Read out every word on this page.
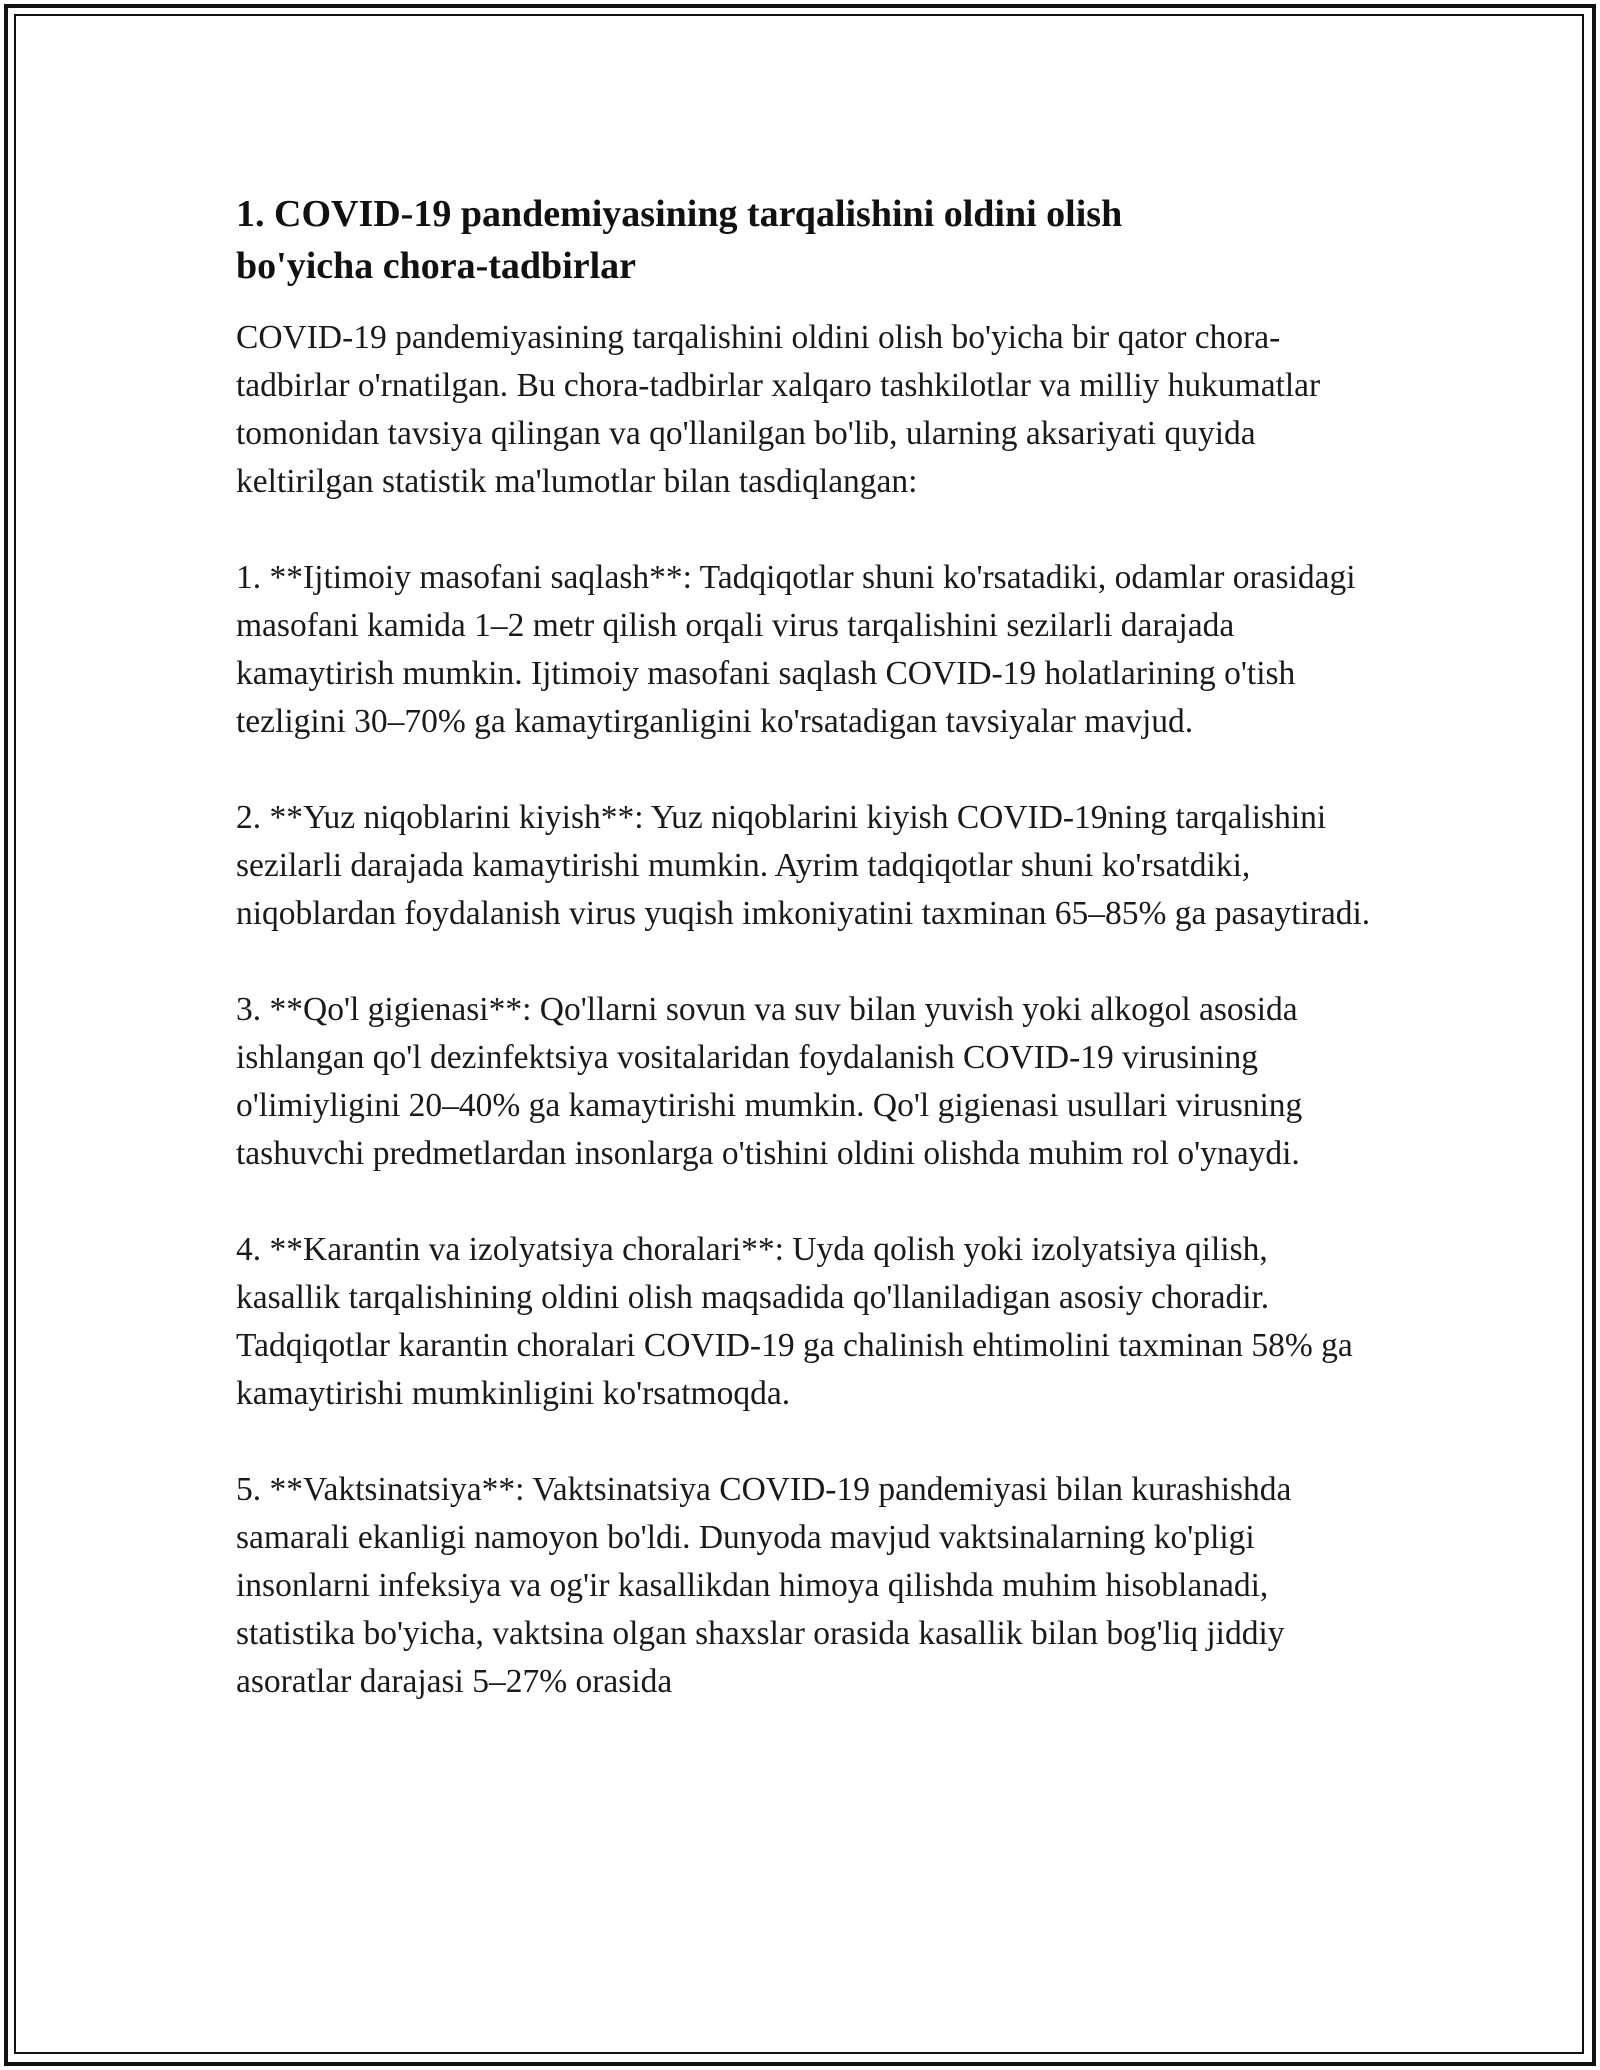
1. COVID-19 pandemiyasining tarqalishini oldini olish
bo'yicha chora-tadbirlar

COVID-19 pandemiyasining tarqalishini oldini olish bo'yicha bir qator chora-tadbirlar o'rnatilgan. Bu chora-tadbirlar xalqaro tashkilotlar va milliy hukumatlar tomonidan tavsiya qilingan va qo'llanilgan bo'lib, ularning aksariyati quyida keltirilgan statistik ma'lumotlar bilan tasdiqlangan:

1. **Ijtimoiy masofani saqlash**: Tadqiqotlar shuni ko'rsatadiki, odamlar orasidagi masofani kamida 1–2 metr qilish orqali virus tarqalishini sezilarli darajada kamaytirish mumkin. Ijtimoiy masofani saqlash COVID-19 holatlarining o'tish tezligini 30–70% ga kamaytirganligini ko'rsatadigan tavsiyalar mavjud.

2. **Yuz niqoblarini kiyish**: Yuz niqoblarini kiyish COVID-19ning tarqalishini sezilarli darajada kamaytirishi mumkin. Ayrim tadqiqotlar shuni ko'rsatdiki, niqoblardan foydalanish virus yuqish imkoniyatini taxminan 65–85% ga pasaytiradi.

3. **Qo'l gigienasi**: Qo'llarni sovun va suv bilan yuvish yoki alkogol asosida ishlangan qo'l dezinfektsiya vositalaridan foydalanish COVID-19 virusining o'limiyligini 20–40% ga kamaytirishi mumkin. Qo'l gigienasi usullari virusning tashuvchi predmetlardan insonlarga o'tishini oldini olishda muhim rol o'ynaydi.

4. **Karantin va izolyatsiya choralari**: Uyda qolish yoki izolyatsiya qilish, kasallik tarqalishining oldini olish maqsadida qo'llaniladigan asosiy choradir. Tadqiqotlar karantin choralari COVID-19 ga chalinish ehtimolini taxminan 58% ga kamaytirishi mumkinligini ko'rsatmoqda.

5. **Vaktsinatsiya**: Vaktsinatsiya COVID-19 pandemiyasi bilan kurashishda samarali ekanligi namoyon bo'ldi. Dunyoda mavjud vaktsinalarning ko'pligi insonlarni infeksiya va og'ir kasallikdan himoya qilishda muhim hisoblanadi, statistika bo'yicha, vaktsina olgan shaxslar orasida kasallik bilan bog'liq jiddiy asoratlar darajasi 5–27% orasida
